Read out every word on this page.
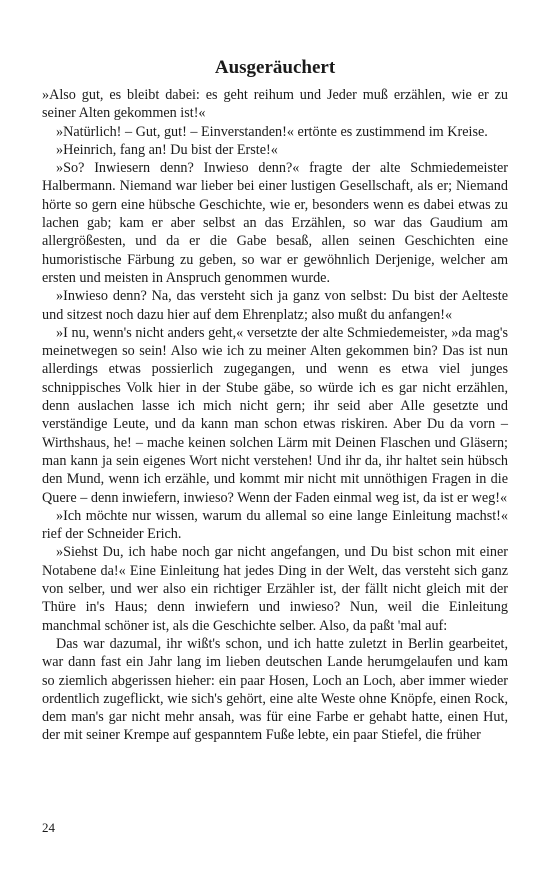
Ausgeräuchert

»Also gut, es bleibt dabei: es geht reihum und Jeder muß erzählen, wie er zu seiner Alten gekommen ist!«

»Natürlich! – Gut, gut! – Einverstanden!« ertönte es zustimmend im Kreise.

»Heinrich, fang an! Du bist der Erste!«

»So? Inwiesern denn? Inwieso denn?« fragte der alte Schmiedemeister Halbermann. Niemand war lieber bei einer lustigen Gesellschaft, als er; Niemand hörte so gern eine hübsche Geschichte, wie er, besonders wenn es dabei etwas zu lachen gab; kam er aber selbst an das Erzählen, so war das Gaudium am allergrößesten, und da er die Gabe besaß, allen seinen Geschichten eine humoristische Färbung zu geben, so war er gewöhnlich Derjenige, welcher am ersten und meisten in Anspruch genommen wurde.

»Inwieso denn? Na, das versteht sich ja ganz von selbst: Du bist der Aelteste und sitzest noch dazu hier auf dem Ehrenplatz; also mußt du anfangen!«

»I nu, wenn's nicht anders geht,« versetzte der alte Schmiedemeister, »da mag's meinetwegen so sein! Also wie ich zu meiner Alten gekommen bin? Das ist nun allerdings etwas possierlich zugegangen, und wenn es etwa viel junges schnippisches Volk hier in der Stube gäbe, so würde ich es gar nicht erzählen, denn auslachen lasse ich mich nicht gern; ihr seid aber Alle gesetzte und verständige Leute, und da kann man schon etwas riskiren. Aber Du da vorn – Wirthshaus, he! – mache keinen solchen Lärm mit Deinen Flaschen und Gläsern; man kann ja sein eigenes Wort nicht verstehen! Und ihr da, ihr haltet sein hübsch den Mund, wenn ich erzähle, und kommt mir nicht mit unnöthigen Fragen in die Quere – denn inwiefern, inwieso? Wenn der Faden einmal weg ist, da ist er weg!«

»Ich möchte nur wissen, warum du allemal so eine lange Einleitung machst!« rief der Schneider Erich.

»Siehst Du, ich habe noch gar nicht angefangen, und Du bist schon mit einer Notabene da!« Eine Einleitung hat jedes Ding in der Welt, das versteht sich ganz von selber, und wer also ein richtiger Erzähler ist, der fällt nicht gleich mit der Thüre in's Haus; denn inwiefern und inwieso? Nun, weil die Einleitung manchmal schöner ist, als die Geschichte selber. Also, da paßt 'mal auf:

Das war dazumal, ihr wißt's schon, und ich hatte zuletzt in Berlin gearbeitet, war dann fast ein Jahr lang im lieben deutschen Lande herumgelaufen und kam so ziemlich abgerissen hieher: ein paar Hosen, Loch an Loch, aber immer wieder ordentlich zugeflickt, wie sich's gehört, eine alte Weste ohne Knöpfe, einen Rock, dem man's gar nicht mehr ansah, was für eine Farbe er gehabt hatte, einen Hut, der mit seiner Krempe auf gespanntem Fuße lebte, ein paar Stiefel, die früher

24
